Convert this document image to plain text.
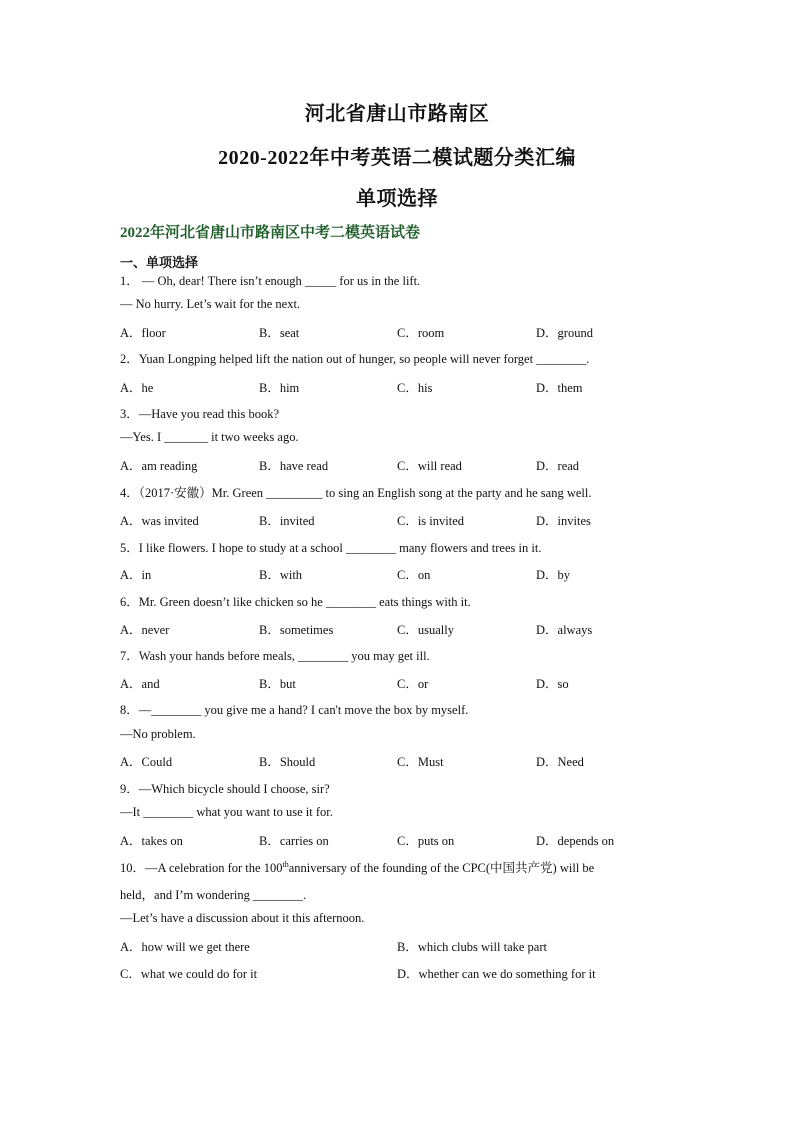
河北省唐山市路南区
2020-2022年中考英语二模试题分类汇编
单项选择
2022年河北省唐山市路南区中考二模英语试卷
一、单项选择
1． — Oh, dear! There isn’t enough _____ for us in the lift.
— No hurry. Let’s wait for the next.
A．floor	B．seat	C．room	D．ground
2．Yuan Longping helped lift the nation out of hunger, so people will never forget ________.
A．he	B．him	C．his	D．them
3．—Have you read this book?
—Yes. I _______ it two weeks ago.
A．am reading	B．have read	C．will read	D．read
4．（2017·安徽）Mr. Green _________ to sing an English song at the party and he sang well.
A．was invited	B．invited	C．is invited	D．invites
5．I like flowers. I hope to study at a school ________ many flowers and trees in it.
A．in	B．with	C．on	D．by
6．Mr. Green doesn’t like chicken so he ________ eats things with it.
A．never	B．sometimes	C．usually	D．always
7．Wash your hands before meals, ________ you may get ill.
A．and	B．but	C．or	D．so
8．—________ you give me a hand? I can't move the box by myself.
—No problem.
A．Could	B．Should	C．Must	D．Need
9．—Which bicycle should I choose, sir?
—It ________ what you want to use it for.
A．takes on	B．carries on	C．puts on	D．depends on
10．—A celebration for the 100thanniversary of the founding of the CPC(中国共产党) will be
held，and I’m wondering ________.
—Let’s have a discussion about it this afternoon.
A．how will we get there	B．which clubs will take part
C．what we could do for it	D．whether can we do something for it
